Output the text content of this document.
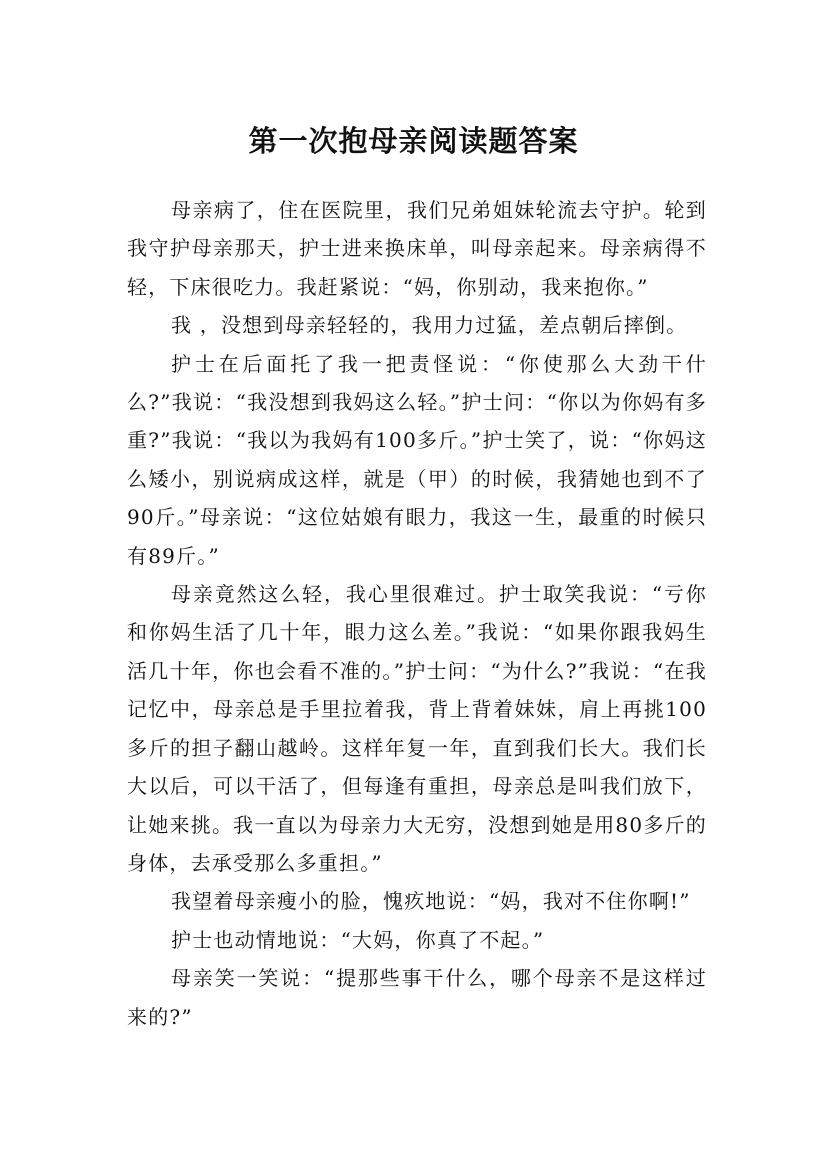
第一次抱母亲阅读题答案

母亲病了，住在医院里，我们兄弟姐妹轮流去守护。轮到我守护母亲那天，护士进来换床单，叫母亲起来。母亲病得不轻，下床很吃力。我赶紧说：“妈，你别动，我来抱你。”

我 ，没想到母亲轻轻的，我用力过猛，差点朝后摔倒。

护士在后面托了我一把责怪说：“你使那么大劲干什么?”我说：“我没想到我妈这么轻。”护士问：“你以为你妈有多重?”我说：“我以为我妈有100多斤。”护士笑了，说：“你妈这么矮小，别说病成这样，就是（甲）的时候，我猜她也到不了90斤。”母亲说：“这位姑娘有眼力，我这一生，最重的时候只有89斤。”

母亲竟然这么轻，我心里很难过。护士取笑我说：“亏你和你妈生活了几十年，眼力这么差。”我说：“如果你跟我妈生活几十年，你也会看不准的。”护士问：“为什么?”我说：“在我记忆中，母亲总是手里拉着我，背上背着妹妹，肩上再挑100多斤的担子翻山越岭。这样年复一年，直到我们长大。我们长大以后，可以干活了，但每逢有重担，母亲总是叫我们放下，让她来挑。我一直以为母亲力大无穷，没想到她是用80多斤的身体，去承受那么多重担。”

我望着母亲瘦小的脸，愧疚地说：“妈，我对不住你啊!”

护士也动情地说：“大妈，你真了不起。”

母亲笑一笑说：“提那些事干什么，哪个母亲不是这样过来的?”
